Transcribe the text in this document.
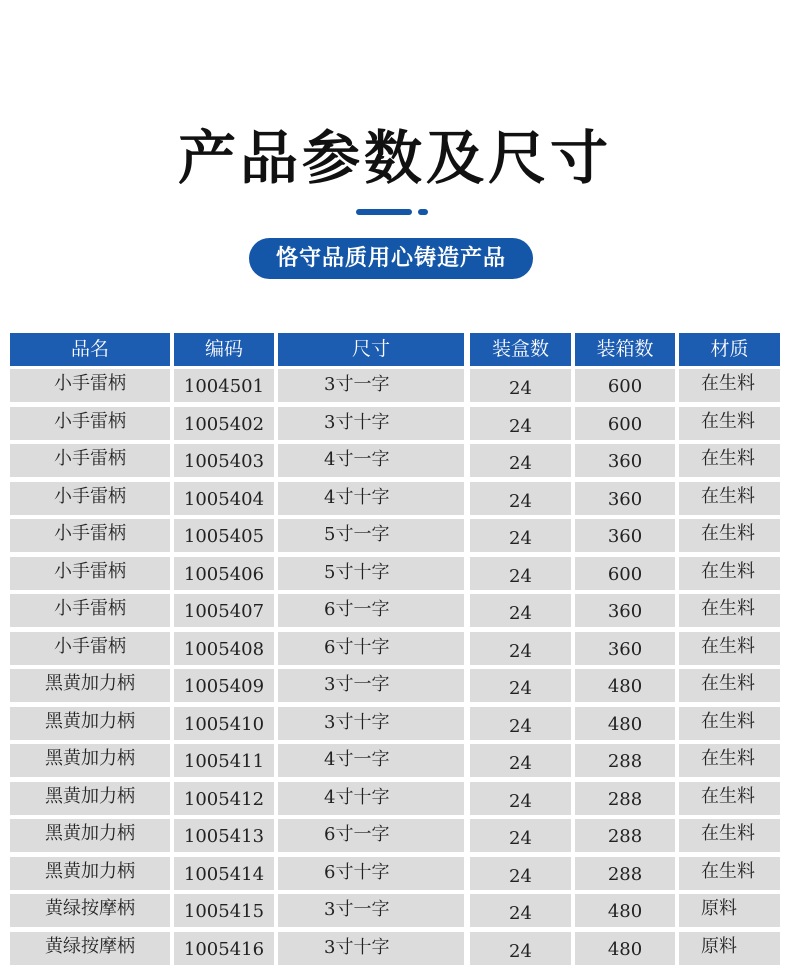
产品参数及尺寸
恪守品质用心铸造产品
品名	编码	尺寸	装盒数	装箱数	材质
小手雷柄	1004501	3寸一字	24	600	在生料
小手雷柄	1005402	3寸十字	24	600	在生料
小手雷柄	1005403	4寸一字	24	360	在生料
小手雷柄	1005404	4寸十字	24	360	在生料
小手雷柄	1005405	5寸一字	24	360	在生料
小手雷柄	1005406	5寸十字	24	600	在生料
小手雷柄	1005407	6寸一字	24	360	在生料
小手雷柄	1005408	6寸十字	24	360	在生料
黑黄加力柄	1005409	3寸一字	24	480	在生料
黑黄加力柄	1005410	3寸十字	24	480	在生料
黑黄加力柄	1005411	4寸一字	24	288	在生料
黑黄加力柄	1005412	4寸十字	24	288	在生料
黑黄加力柄	1005413	6寸一字	24	288	在生料
黑黄加力柄	1005414	6寸十字	24	288	在生料
黄绿按摩柄	1005415	3寸一字	24	480	原料
黄绿按摩柄	1005416	3寸十字	24	480	原料
